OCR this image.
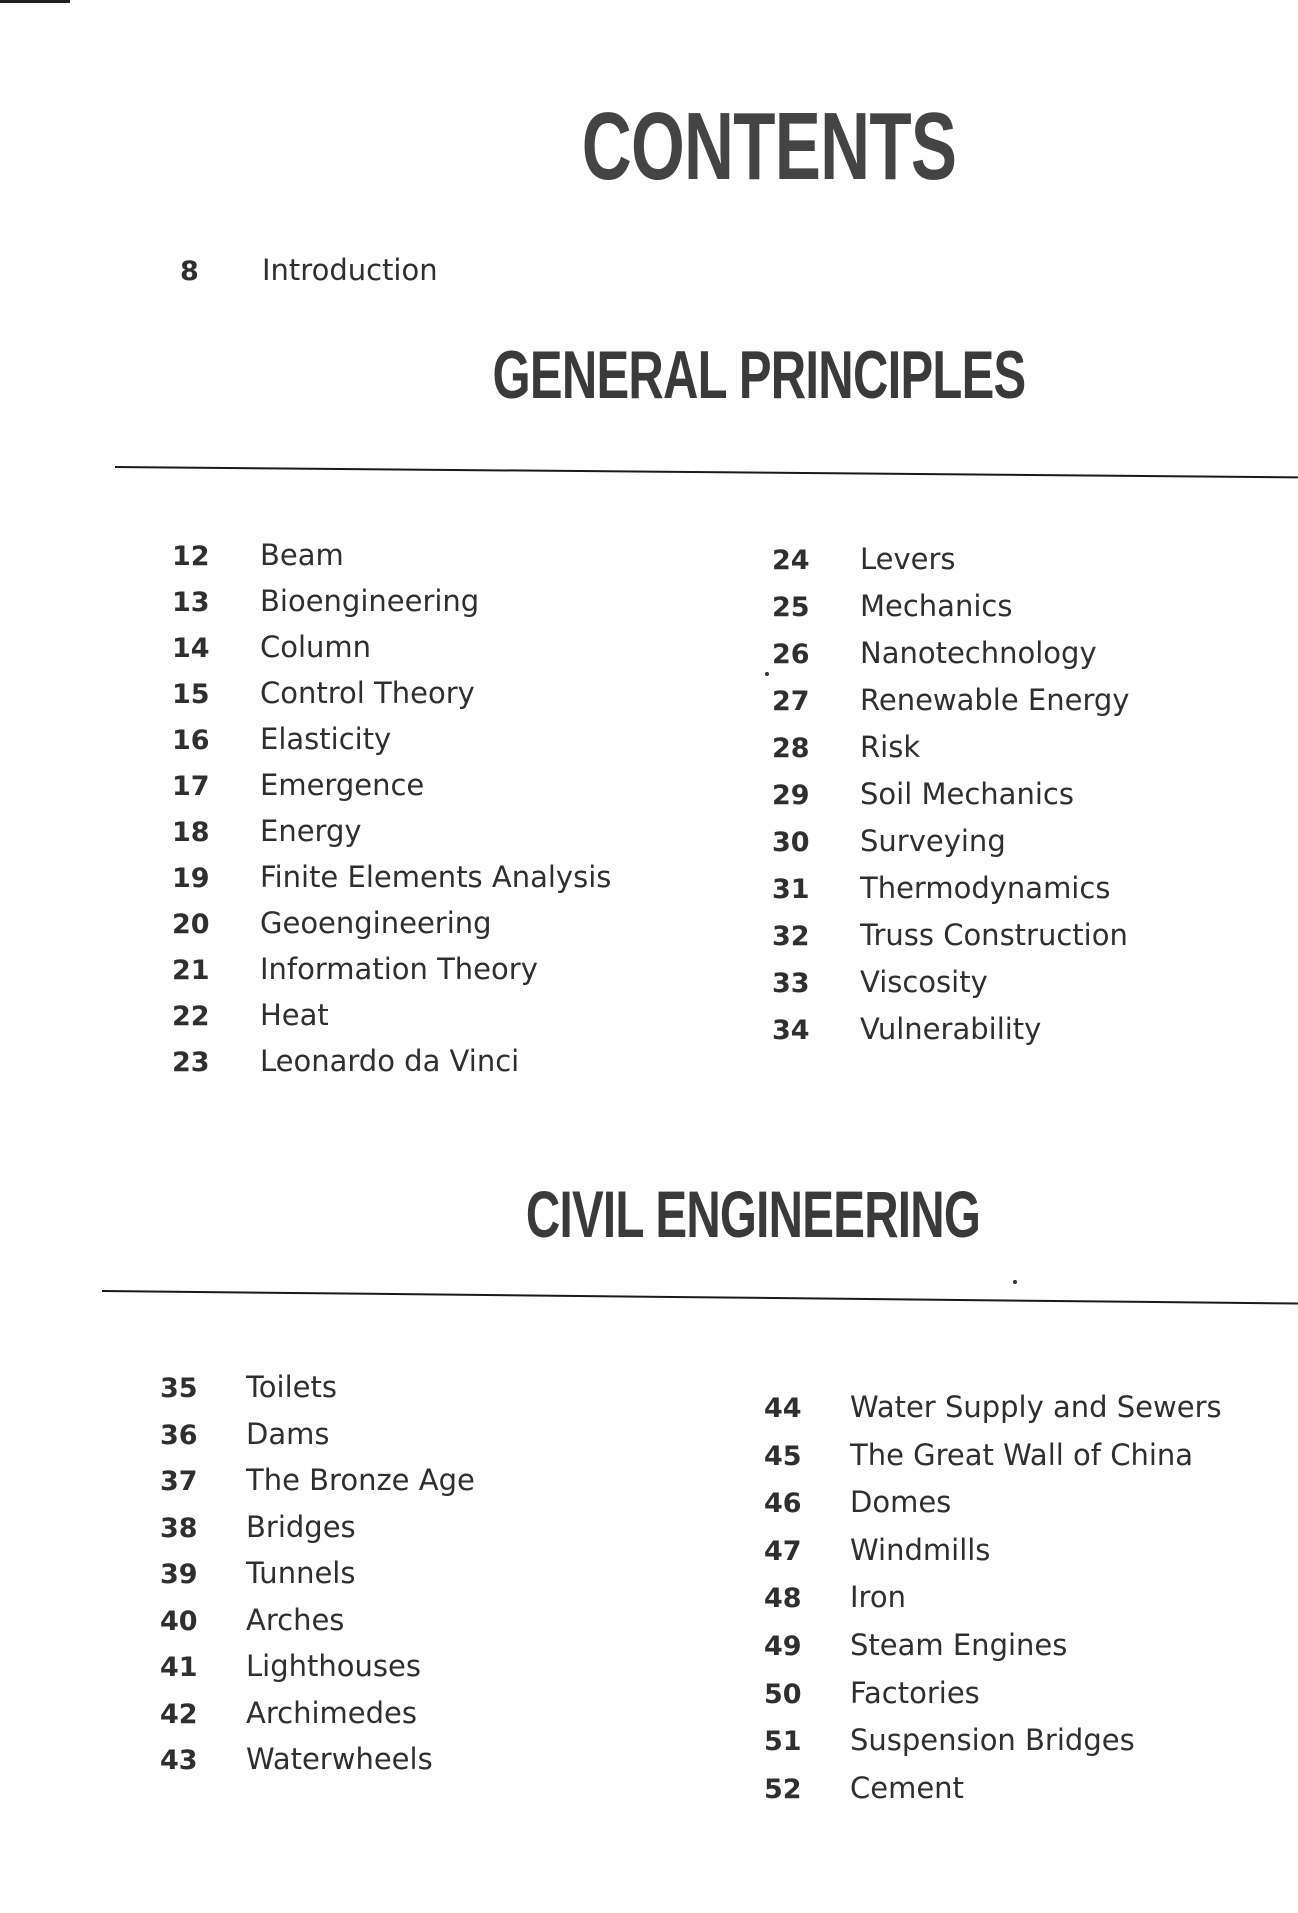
CONTENTS
8	Introduction
GENERAL PRINCIPLES
12	Beam
13	Bioengineering
14	Column
15	Control Theory
16	Elasticity
17	Emergence
18	Energy
19	Finite Elements Analysis
20	Geoengineering
21	Information Theory
22	Heat
23	Leonardo da Vinci
24	Levers
25	Mechanics
26	Nanotechnology
27	Renewable Energy
28	Risk
29	Soil Mechanics
30	Surveying
31	Thermodynamics
32	Truss Construction
33	Viscosity
34	Vulnerability
CIVIL ENGINEERING
35	Toilets
36	Dams
37	The Bronze Age
38	Bridges
39	Tunnels
40	Arches
41	Lighthouses
42	Archimedes
43	Waterwheels
44	Water Supply and Sewers
45	The Great Wall of China
46	Domes
47	Windmills
48	Iron
49	Steam Engines
50	Factories
51	Suspension Bridges
52	Cement
